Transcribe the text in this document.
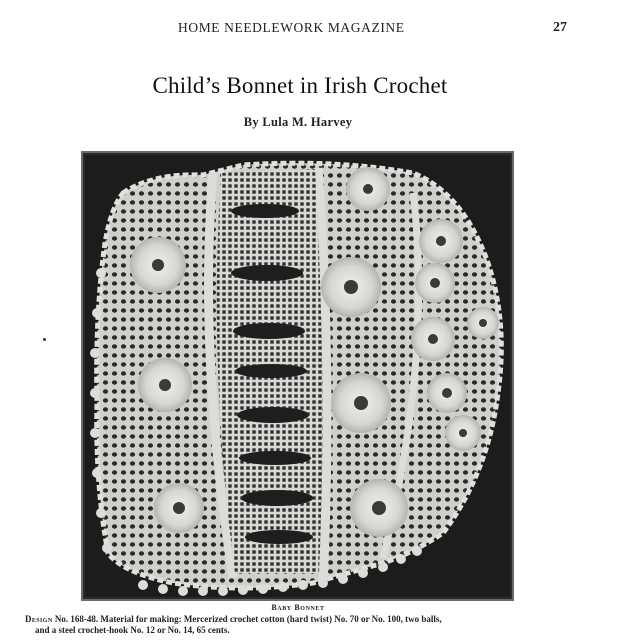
HOME NEEDLEWORK MAGAZINE	27
Child’s Bonnet in Irish Crochet
By Lula M. Harvey
Baby Bonnet
Design No. 168-48. Material for making: Mercerized crochet cotton (hard twist) No. 70 or No. 100, two balls,
and a steel crochet-hook No. 12 or No. 14, 65 cents.
